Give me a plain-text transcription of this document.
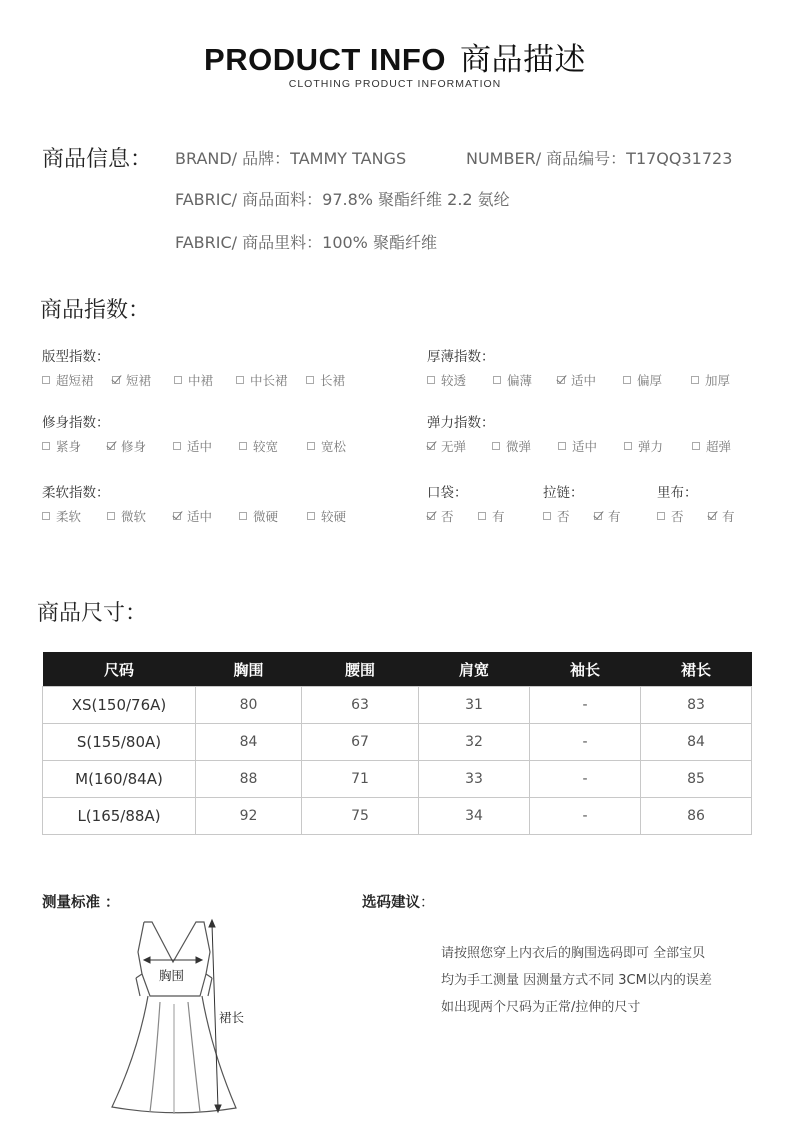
PRODUCT INFO 商品描述
CLOTHING PRODUCT INFORMATION
商品信息： BRAND/ 品牌：TAMMY TANGS	NUMBER/ 商品编号：T17QQ31723
FABRIC/ 商品面料：97.8% 聚酯纤维 2.2 氨纶
FABRIC/ 商品里料：100% 聚酯纤维
商品指数：
版型指数：
超短裙	短裙	中裙	中长裙	长裙
厚薄指数：
较透	偏薄	适中	偏厚	加厚
修身指数：
紧身	修身	适中	较宽	宽松
弹力指数：
无弹	微弹	适中	弹力	超弹
柔软指数：
柔软	微软	适中	微硬	较硬
口袋：
否	有
拉链：
否	有
里布：
否	有
商品尺寸：
尺码	胸围	腰围	肩宽	袖长	裙长
XS(150/76A)	80	63	31	-	83
S(155/80A)	84	67	32	-	84
M(160/84A)	88	71	33	-	85
L(165/88A)	92	75	34	-	86
测量标准 ：
胸围
裙长
选码建议：
请按照您穿上内衣后的胸围选码即可 全部宝贝
均为手工测量 因测量方式不同 3CM以内的误差
如出现两个尺码为正常/拉伸的尺寸
